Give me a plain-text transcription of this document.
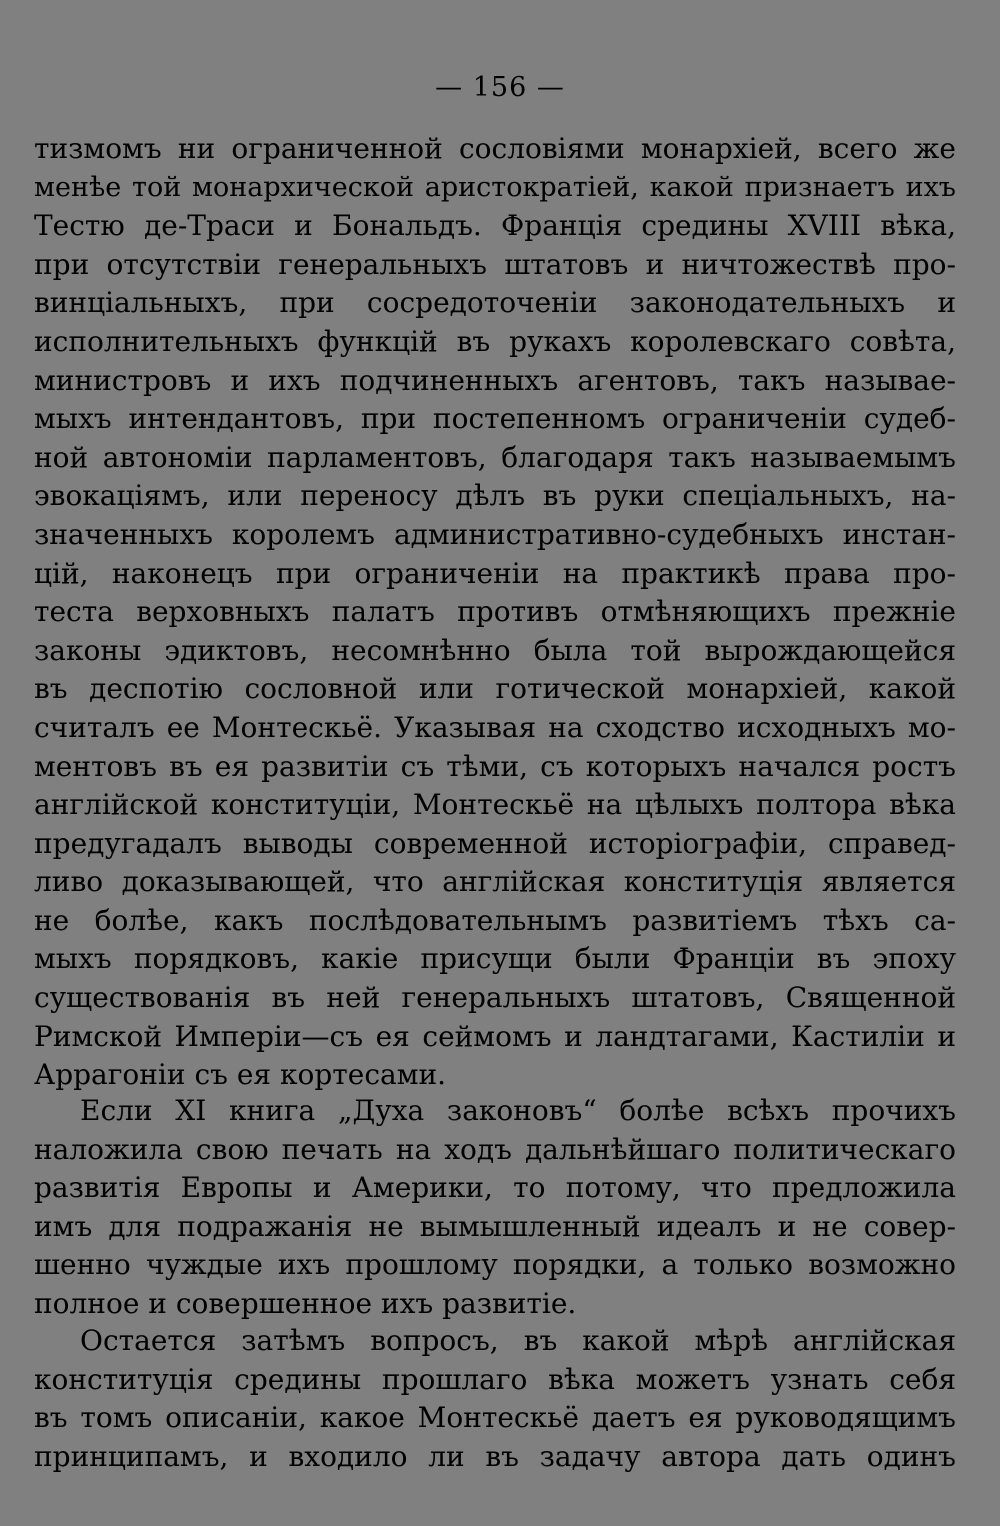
— 156 —
тизмомъ ни ограниченной сословіями монархіей, всего же
менѣе той монархической аристократіей, какой признаетъ ихъ
Тестю де-Траси и Бональдъ. Франція средины XVIII вѣка,
при отсутствіи генеральныхъ штатовъ и ничтожествѣ про-
винціальныхъ, при сосредоточеніи законодательныхъ и
исполнительныхъ функцій въ рукахъ королевскаго совѣта,
министровъ и ихъ подчиненныхъ агентовъ, такъ называе-
мыхъ интендантовъ, при постепенномъ ограниченіи судеб-
ной автономіи парламентовъ, благодаря такъ называемымъ
эвокаціямъ, или переносу дѣлъ въ руки спеціальныхъ, на-
значенныхъ королемъ административно-судебныхъ инстан-
цій, наконецъ при ограниченіи на практикѣ права про-
теста верховныхъ палатъ противъ отмѣняющихъ прежніе
законы эдиктовъ, несомнѣнно была той вырождающейся
въ деспотію сословной или готической монархіей, какой
считалъ ее Монтескьё. Указывая на сходство исходныхъ мо-
ментовъ въ ея развитіи съ тѣми, съ которыхъ начался ростъ
англійской конституціи, Монтескьё на цѣлыхъ полтора вѣка
предугадалъ выводы современной исторіографіи, справед-
ливо доказывающей, что англійская конституція является
не болѣе, какъ послѣдовательнымъ развитіемъ тѣхъ са-
мыхъ порядковъ, какіе присущи были Франціи въ эпоху
существованія въ ней генеральныхъ штатовъ, Священной
Римской Имперіи—съ ея сеймомъ и ландтагами, Кастиліи и
Аррагоніи съ ея кортесами.
Если XI книга „Духа законовъ“ болѣе всѣхъ прочихъ
наложила свою печать на ходъ дальнѣйшаго политическаго
развитія Европы и Америки, то потому, что предложила
имъ для подражанія не вымышленный идеалъ и не совер-
шенно чуждые ихъ прошлому порядки, а только возможно
полное и совершенное ихъ развитіе.
Остается затѣмъ вопросъ, въ какой мѣрѣ англійская
конституція средины прошлаго вѣка можетъ узнать себя
въ томъ описаніи, какое Монтескьё даетъ ея руководящимъ
принципамъ, и входило ли въ задачу автора дать одинъ
